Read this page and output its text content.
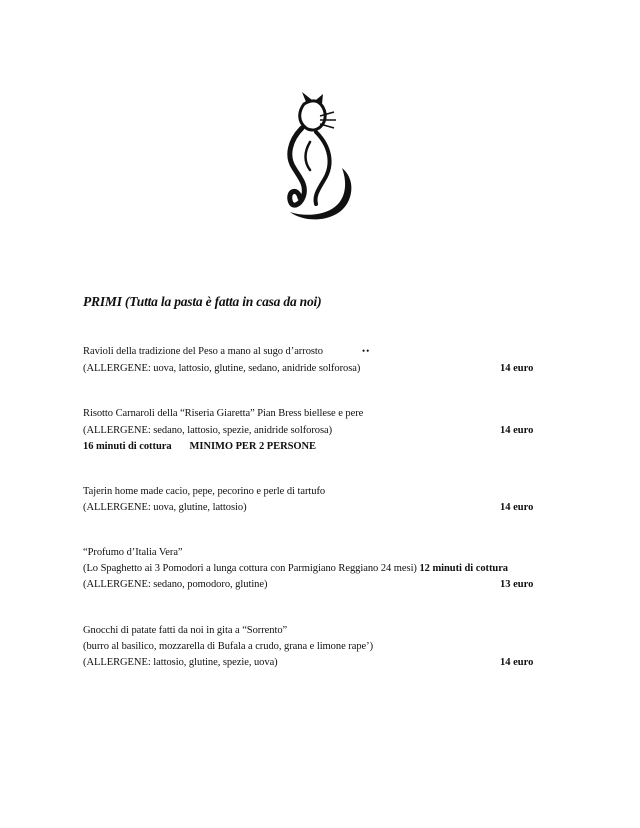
PRIMI (Tutta la pasta è fatta in casa da noi)
Ravioli della tradizione del Peso a mano al sugo d’arrosto	••
(ALLERGENE: uova, lattosio, glutine, sedano, anidride solforosa)	14 euro
Risotto Carnaroli della “Riseria Giaretta” Pian Bress biellese e pere
(ALLERGENE: sedano, lattosio, spezie, anidride solforosa)	14 euro
16 minuti di cottura MINIMO PER 2 PERSONE
Tajerin home made cacio, pepe, pecorino e perle di tartufo
(ALLERGENE: uova, glutine, lattosio)	14 euro
“Profumo d’Italia Vera”
(Lo Spaghetto ai 3 Pomodori a lunga cottura con Parmigiano Reggiano 24 mesi) 12 minuti di cottura
(ALLERGENE: sedano, pomodoro, glutine)	13 euro
Gnocchi di patate fatti da noi in gita a “Sorrento”
(burro al basilico, mozzarella di Bufala a crudo, grana e limone rape’)
(ALLERGENE: lattosio, glutine, spezie, uova)	14 euro
